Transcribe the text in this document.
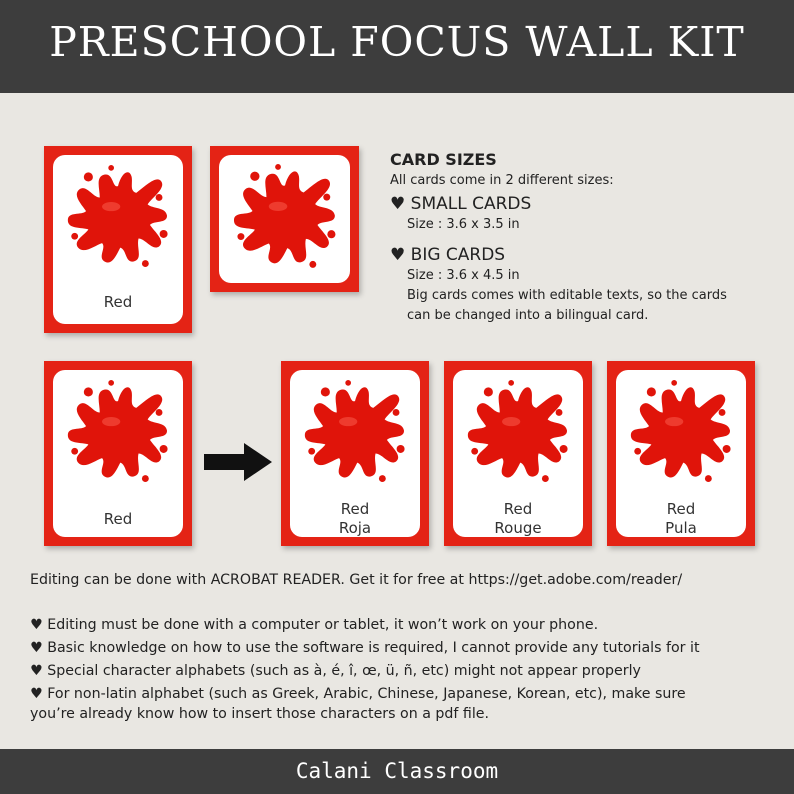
PRESCHOOL FOCUS WALL KIT
Red
CARD SIZES
All cards come in 2 different sizes:
♥ SMALL CARDS
Size : 3.6 x 3.5 in
♥ BIG CARDS
Size : 3.6 x 4.5 in
Big cards comes with editable texts, so the cards
can be changed into a bilingual card.
Red
Red
Roja
Red
Rouge
Red
Pula
Editing can be done with ACROBAT READER. Get it for free at https://get.adobe.com/reader/
♥ Editing must be done with a computer or tablet, it won’t work on your phone.
♥ Basic knowledge on how to use the software is required, I cannot provide any tutorials for it
♥ Special character alphabets (such as à, é, î, œ, ü, ñ, etc) might not appear properly
♥ For non-latin alphabet (such as Greek, Arabic, Chinese, Japanese, Korean, etc), make sure
you’re already know how to insert those characters on a pdf file.
Calani Classroom
